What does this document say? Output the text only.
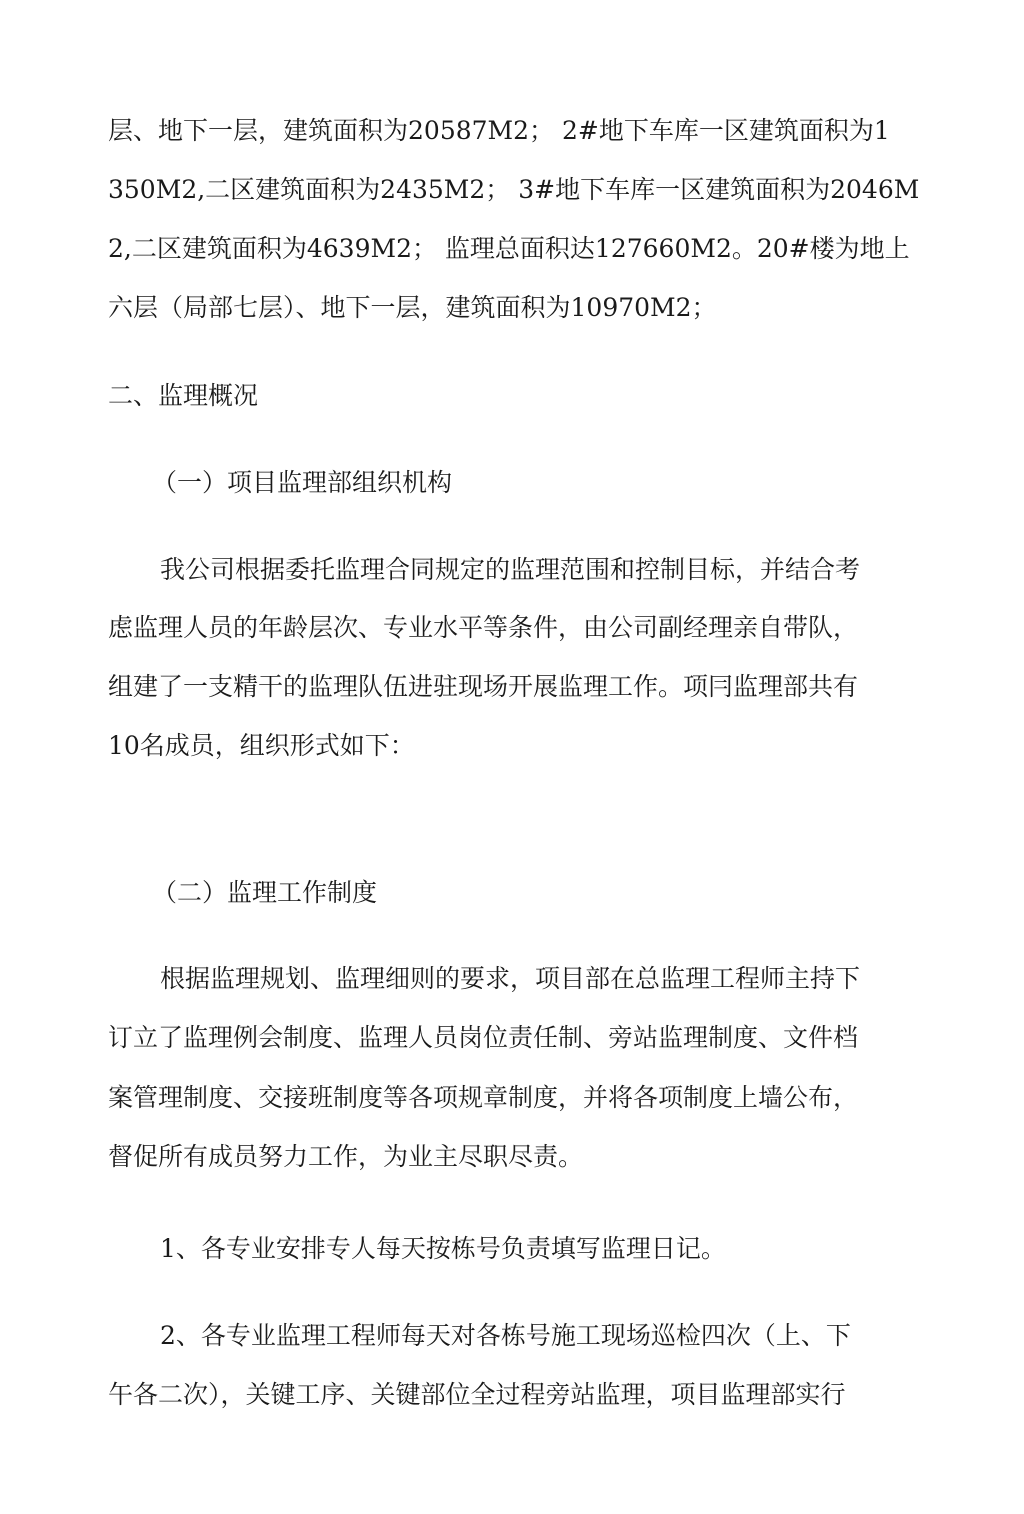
层、地下一层，建筑面积为20587M2； 2#地下车库一区建筑面积为1
350M2,二区建筑面积为2435M2； 3#地下车库一区建筑面积为2046M
2,二区建筑面积为4639M2； 监理总面积达127660M2。20#楼为地上
六层（局部七层）、地下一层，建筑面积为10970M2；
二、监理概况
（一）项目监理部组织机构
我公司根据委托监理合同规定的监理范围和控制目标，并结合考
虑监理人员的年龄层次、专业水平等条件，由公司副经理亲自带队，
组建了一支精干的监理队伍进驻现场开展监理工作。项冃监理部共有
10名成员，组织形式如下：
（二）监理工作制度
根据监理规划、监理细则的要求，项目部在总监理工程师主持下
订立了监理例会制度、监理人员岗位责任制、旁站监理制度、文件档
案管理制度、交接班制度等各项规章制度，并将各项制度上墙公布，
督促所有成员努力工作，为业主尽职尽责。
1、各专业安排专人每天按栋号负责填写监理日记。
2、各专业监理工程师每天对各栋号施工现场巡检四次（上、下
午各二次），关键工序、关键部位全过程旁站监理，项目监理部实行
